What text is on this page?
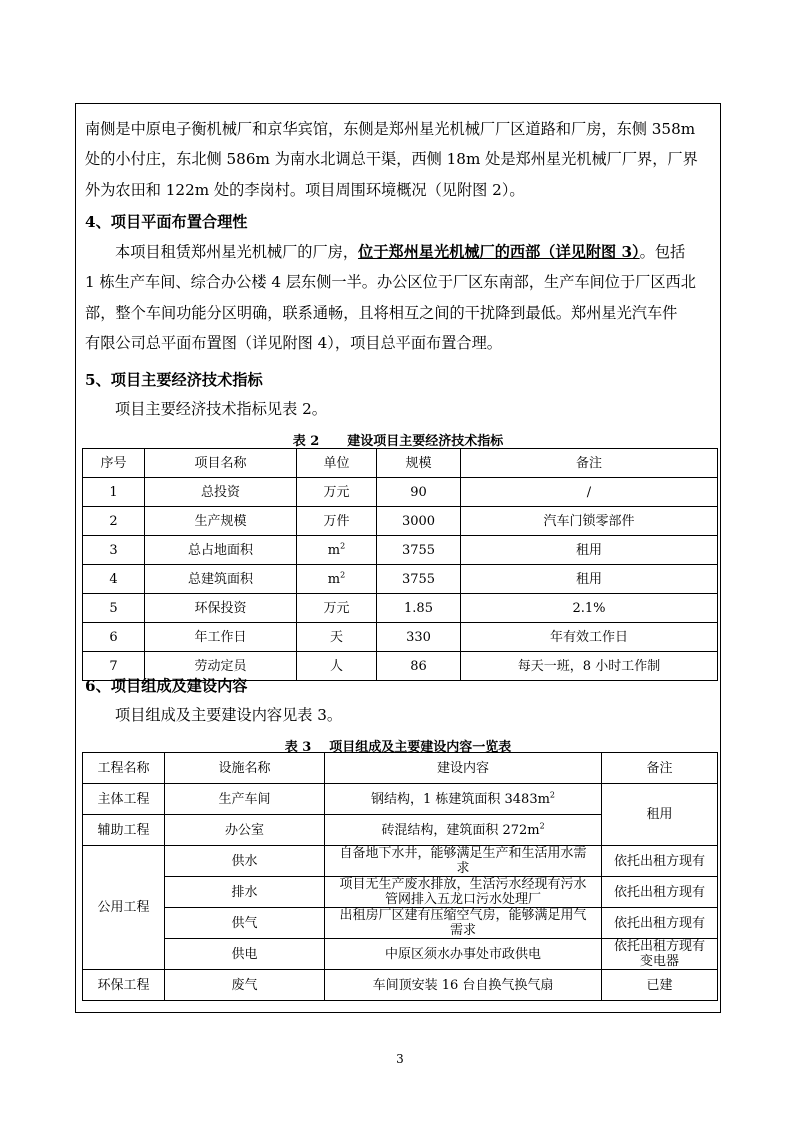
南侧是中原电子衡机械厂和京华宾馆，东侧是郑州星光机械厂厂区道路和厂房，东侧 358m
处的小付庄，东北侧 586m 为南水北调总干渠，西侧 18m 处是郑州星光机械厂厂界，厂界
外为农田和 122m 处的李岗村。项目周围环境概况（见附图 2）。
4、项目平面布置合理性
本项目租赁郑州星光机械厂的厂房，位于郑州星光机械厂的西部（详见附图 3）。包括
1 栋生产车间、综合办公楼 4 层东侧一半。办公区位于厂区东南部，生产车间位于厂区西北
部，整个车间功能分区明确，联系通畅，且将相互之间的干扰降到最低。郑州星光汽车件
有限公司总平面布置图（详见附图 4），项目总平面布置合理。
5、项目主要经济技术指标
项目主要经济技术指标见表 2。
表 2 建设项目主要经济技术指标
序号	项目名称	单位	规模	备注
1	总投资	万元	90	/
2	生产规模	万件	3000	汽车门锁零部件
3	总占地面积	$m^2$	3755	租用
4	总建筑面积	$m^2$	3755	租用
5	环保投资	万元	1.85	2.1%
6	年工作日	天	330	年有效工作日
7	劳动定员	人	86	每天一班，8 小时工作制
6、项目组成及建设内容
项目组成及主要建设内容见表 3。
表 3 项目组成及主要建设内容一览表
工程名称	设施名称	建设内容	备注
主体工程	生产车间	钢结构，1 栋建筑面积 $3483m^2$	租用
辅助工程	办公室	砖混结构，建筑面积 $272m^2$
公用工程	供水	自备地下水井，能够满足生产和生活用水需
求	依托出租方现有
	排水	项目无生产废水排放，生活污水经现有污水
管网排入五龙口污水处理厂	依托出租方现有
	供气	出租房厂区建有压缩空气房，能够满足用气
需求	依托出租方现有
	供电	中原区须水办事处市政供电	依托出租方现有
变电器
环保工程	废气	车间顶安装 16 台自换气换气扇	已建
3
